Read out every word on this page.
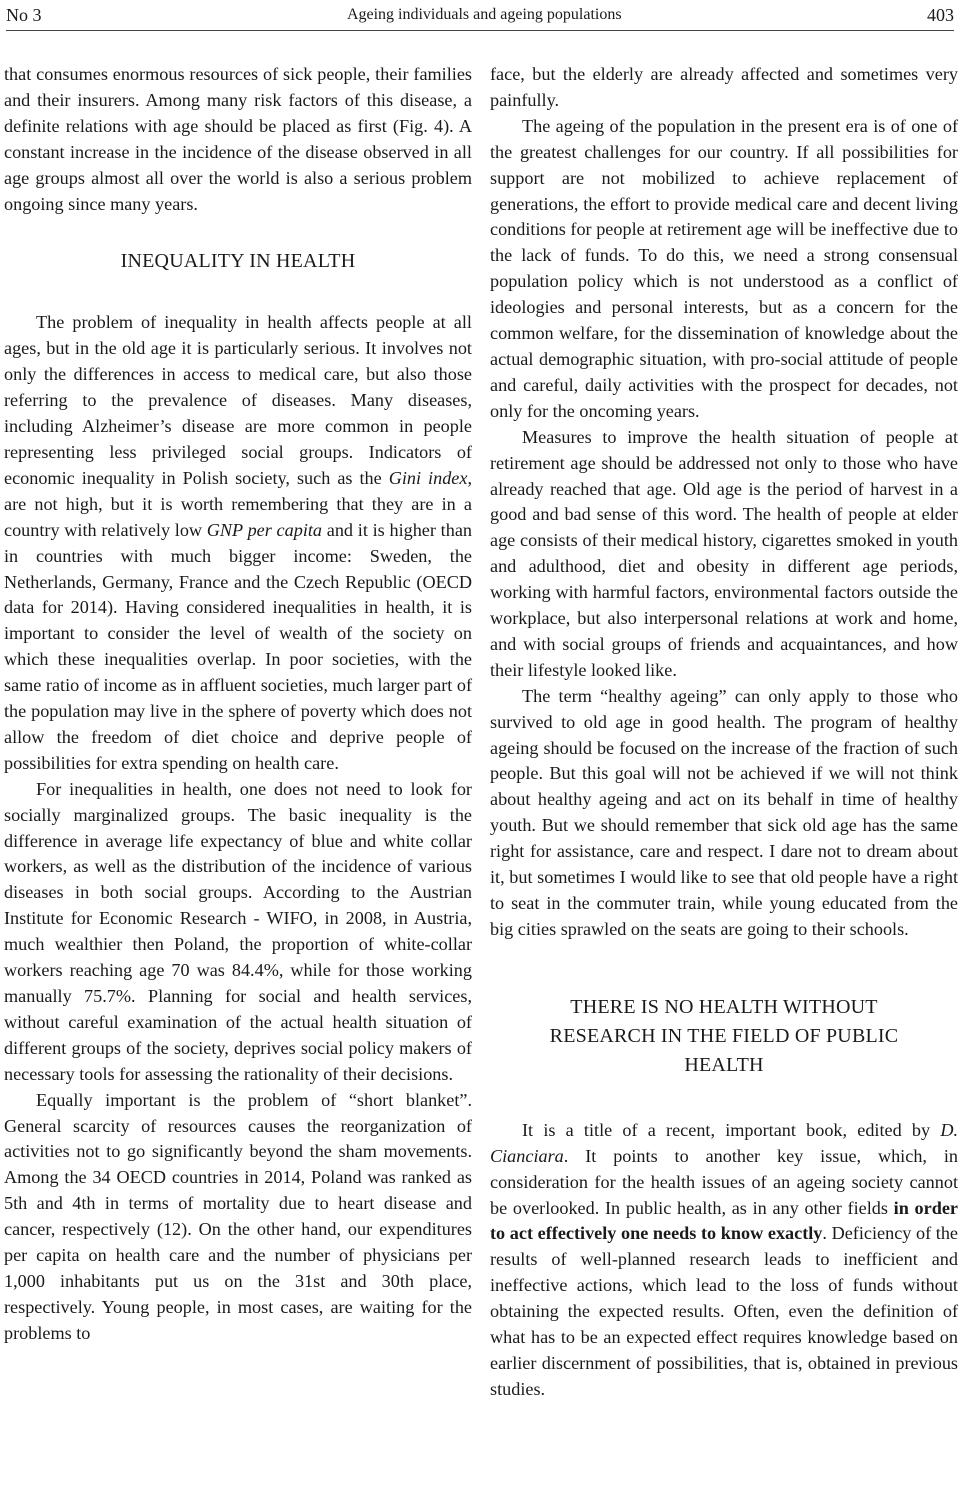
No 3	Ageing individuals and ageing populations	403

that consumes enormous resources of sick people, their families and their insurers. Among many risk factors of this disease, a definite relations with age should be placed as first (Fig. 4). A constant increase in the incidence of the disease observed in all age groups almost all over the world is also a serious problem ongoing since many years.

INEQUALITY IN HEALTH

The problem of inequality in health affects people at all ages, but in the old age it is particularly serious. It involves not only the differences in access to medical care, but also those referring to the prevalence of diseases. Many diseases, including Alzheimer’s disease are more common in people representing less privileged social groups. Indicators of economic inequality in Polish society, such as the Gini index, are not high, but it is worth remembering that they are in a country with relatively low GNP per capita and it is higher than in countries with much bigger income: Sweden, the Netherlands, Germany, France and the Czech Republic (OECD data for 2014). Having considered inequalities in health, it is important to consider the level of wealth of the society on which these inequalities overlap. In poor societies, with the same ratio of income as in affluent societies, much larger part of the population may live in the sphere of poverty which does not allow the freedom of diet choice and deprive people of possibilities for extra spending on health care.

For inequalities in health, one does not need to look for socially marginalized groups. The basic inequality is the difference in average life expectancy of blue and white collar workers, as well as the distribution of the incidence of various diseases in both social groups. According to the Austrian Institute for Economic Research - WIFO, in 2008, in Austria, much wealthier then Poland, the proportion of white-collar workers reaching age 70 was 84.4%, while for those working manually 75.7%. Planning for social and health services, without careful examination of the actual health situation of different groups of the society, deprives social policy makers of necessary tools for assessing the rationality of their decisions.

Equally important is the problem of “short blanket”. General scarcity of resources causes the reorganization of activities not to go significantly beyond the sham movements. Among the 34 OECD countries in 2014, Poland was ranked as 5th and 4th in terms of mortality due to heart disease and cancer, respectively (12). On the other hand, our expenditures per capita on health care and the number of physicians per 1,000 inhabitants put us on the 31st and 30th place, respectively. Young people, in most cases, are waiting for the problems to

face, but the elderly are already affected and sometimes very painfully.

The ageing of the population in the present era is of one of the greatest challenges for our country. If all possibilities for support are not mobilized to achieve replacement of generations, the effort to provide medical care and decent living conditions for people at retirement age will be ineffective due to the lack of funds. To do this, we need a strong consensual population policy which is not understood as a conflict of ideologies and personal interests, but as a concern for the common welfare, for the dissemination of knowledge about the actual demographic situation, with pro-social attitude of people and careful, daily activities with the prospect for decades, not only for the oncoming years.

Measures to improve the health situation of people at retirement age should be addressed not only to those who have already reached that age. Old age is the period of harvest in a good and bad sense of this word. The health of people at elder age consists of their medical history, cigarettes smoked in youth and adulthood, diet and obesity in different age periods, working with harmful factors, environmental factors outside the workplace, but also interpersonal relations at work and home, and with social groups of friends and acquaintances, and how their lifestyle looked like.

The term “healthy ageing” can only apply to those who survived to old age in good health. The program of healthy ageing should be focused on the increase of the fraction of such people. But this goal will not be achieved if we will not think about healthy ageing and act on its behalf in time of healthy youth. But we should remember that sick old age has the same right for assistance, care and respect. I dare not to dream about it, but sometimes I would like to see that old people have a right to seat in the commuter train, while young educated from the big cities sprawled on the seats are going to their schools.

THERE IS NO HEALTH WITHOUT RESEARCH IN THE FIELD OF PUBLIC HEALTH

It is a title of a recent, important book, edited by D. Cianciara. It points to another key issue, which, in consideration for the health issues of an ageing society cannot be overlooked. In public health, as in any other fields in order to act effectively one needs to know exactly. Deficiency of the results of well-planned research leads to inefficient and ineffective actions, which lead to the loss of funds without obtaining the expected results. Often, even the definition of what has to be an expected effect requires knowledge based on earlier discernment of possibilities, that is, obtained in previous studies.
